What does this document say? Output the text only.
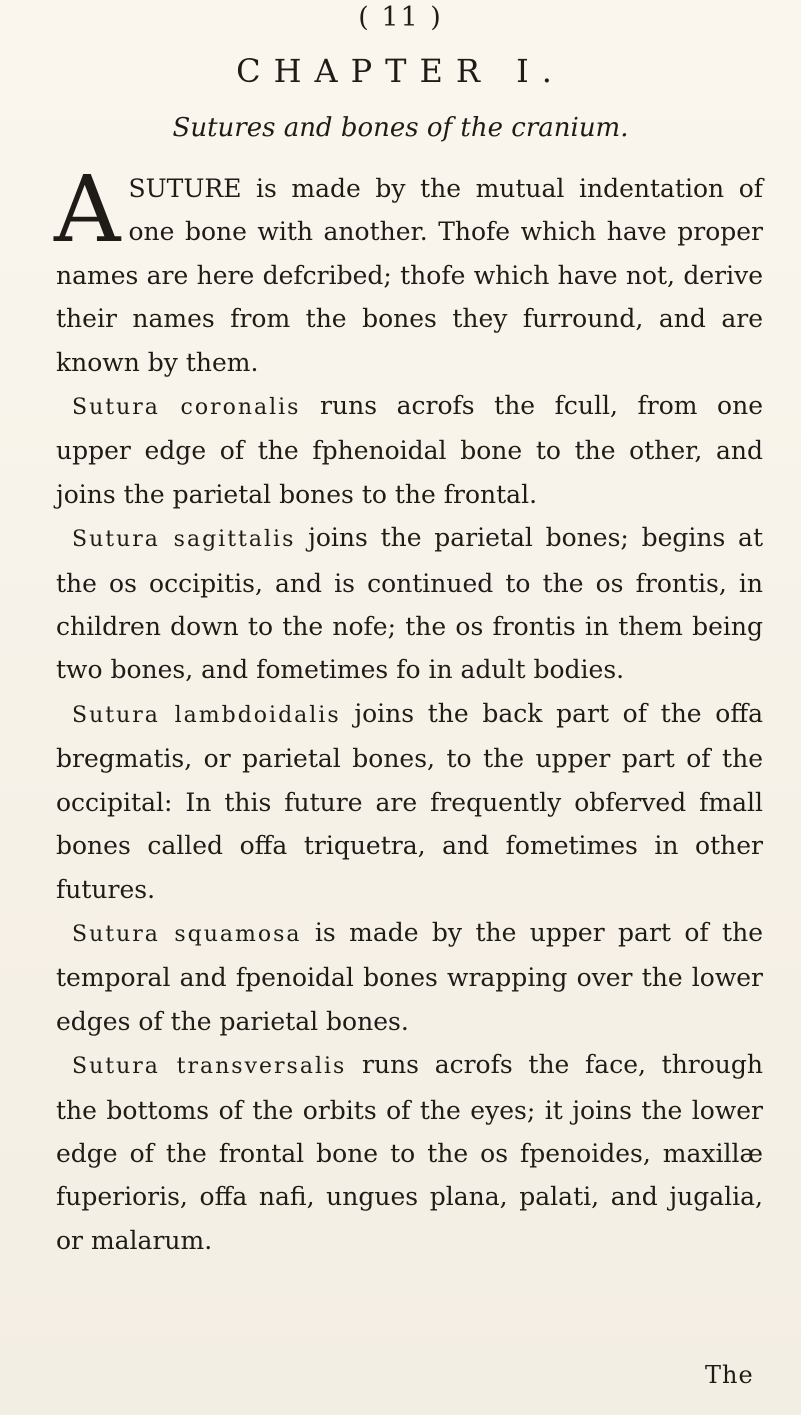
( 11 )
CHAPTER I.
Sutures and bones of the cranium.

ASUTURE is made by the mutual indentation of one bone with another. Thofe which have proper names are here defcribed; thofe which have not, derive their names from the bones they furround, and are known by them.

Sutura coronalis runs acrofs the fcull, from one upper edge of the fphenoidal bone to the other, and joins the parietal bones to the frontal.

Sutura sagittalis joins the parietal bones; begins at the os occipitis, and is continued to the os frontis, in children down to the nofe; the os frontis in them being two bones, and fometimes fo in adult bodies.

Sutura lambdoidalis joins the back part of the offa bregmatis, or parietal bones, to the upper part of the occipital: In this future are frequently obferved fmall bones called offa triquetra, and fometimes in other futures.

Sutura squamosa is made by the upper part of the temporal and fpenoidal bones wrapping over the lower edges of the parietal bones.

Sutura transversalis runs acrofs the face, through the bottoms of the orbits of the eyes; it joins the lower edge of the frontal bone to the os fpenoides, maxillæ fuperioris, offa nafi, ungues plana, palati, and jugalia, or malarum.

The
